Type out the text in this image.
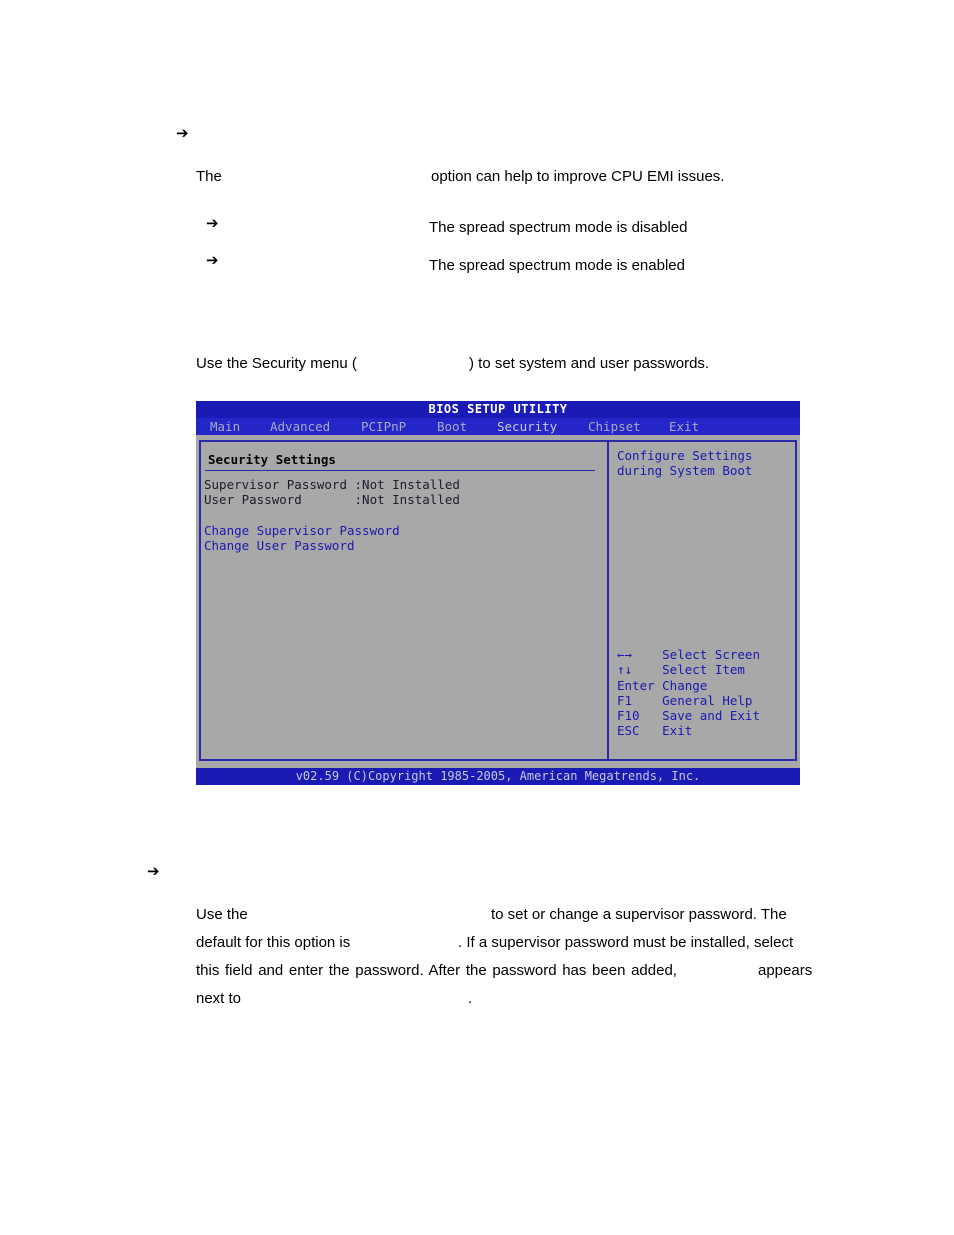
➔
The	option can help to improve CPU EMI issues.
➔	The spread spectrum mode is disabled
➔	The spread spectrum mode is enabled
Use the Security menu (	) to set system and user passwords.
BIOS SETUP UTILITY
Main Advanced PCIPnP Boot Security Chipset Exit
Security Settings
Supervisor Password :Not Installed
User Password       :Not Installed
Change Supervisor Password
Change User Password
Configure Settings
during System Boot
←→    Select Screen
↑↓    Select Item
Enter Change
F1    General Help
F10   Save and Exit
ESC   Exit
v02.59 (C)Copyright 1985-2005, American Megatrends, Inc.
➔
Use the	to set or change a supervisor password. The
default for this option is	. If a supervisor password must be installed, select
this field and enter the password. After the password has been added,	appears
next to	.
